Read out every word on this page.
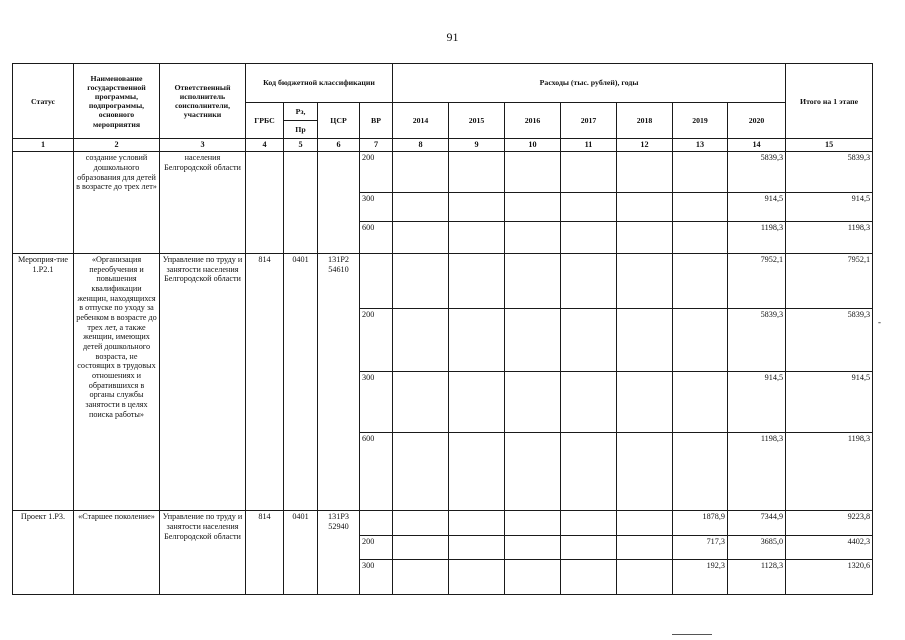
91
Статус	Наименование государственной программы, подпрограммы, основного мероприятия	Ответственный исполнитель соисполнители, участники	Код бюджетной классификации				Расходы (тыс. рублей), годы							Итого на 1 этапе
			ГРБС	Рз,	ЦСР	ВР	2014	2015	2016	2017	2018	2019	2020	
				Пр										
1	2	3	4	5	6	7	8	9	10	11	12	13	14	15
	создание условий дошкольного образования для детей в возрасте до трех лет»	населения Белгородской области				200							5839,3	5839,3
						300							914,5	914,5
						600							1198,3	1198,3
Мероприя-тие 1.Р2.1	«Организация переобучения и повышения квалификации женщин, находящихся в отпуске по уходу за ребенком в возрасте до трех лет, а также женщин, имеющих детей дошкольного возраста, не состоящих в трудовых отношениях и обратившихся в органы службы занятости в целях поиска работы»	Управление по труду и занятости населения Белгородской области	814	0401	131Р2 54610								7952,1	7952,1
						200							5839,3	5839,3
						300							914,5	914,5
						600							1198,3	1198,3
Проект 1.Р3.	«Старшее поколение»	Управление по труду и занятости населения Белгородской области	814	0401	131Р3 52940							1878,9	7344,9	9223,8
						200						717,3	3685,0	4402,3
						300						192,3	1128,3	1320,6
-
